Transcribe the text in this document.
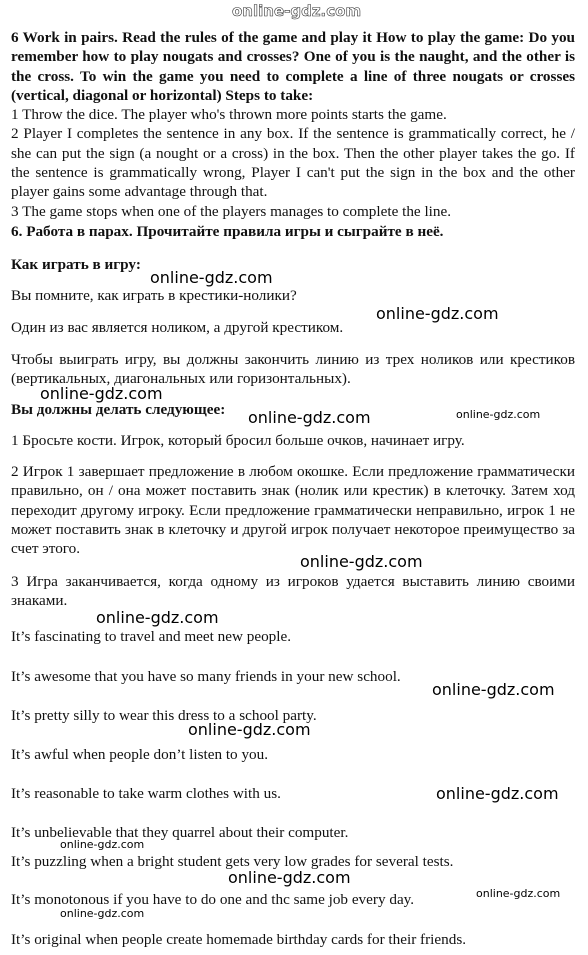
online-gdz.com

6 Work in pairs. Read the rules of the game and play it How to play the game: Do you remember how to play nougats and crosses? One of you is the naught, and the other is the cross. To win the game you need to complete a line of three nougats or crosses (vertical, diagonal or horizontal) Steps to take:

1 Throw the dice. The player who's thrown more points starts the game.

2 Player I completes the sentence in any box. If the sentence is grammatically correct, he / she can put the sign (a nought or a cross) in the box. Then the other player takes the go. If the sentence is grammatically wrong, Player I can't put the sign in the box and the other player gains some advantage through that.

3 The game stops when one of the players manages to complete the line.

6. Работа в парах. Прочитайте правила игры и сыграйте в неё.

Как играть в игру:

Вы помните, как играть в крестики-нолики?

Один из вас является ноликом, а другой крестиком.

Чтобы выиграть игру, вы должны закончить линию из трех ноликов или крестиков (вертикальных, диагональных или горизонтальных).

Вы должны делать следующее:

1 Бросьте кости. Игрок, который бросил больше очков, начинает игру.

2 Игрок 1 завершает предложение в любом окошке. Если предложение грамматически правильно, он / она может поставить знак (нолик или крестик) в клеточку. Затем ход переходит другому игроку. Если предложение грамматически неправильно, игрок 1 не может поставить знак в клеточку и другой игрок получает некоторое преимущество за счет этого.

3 Игра заканчивается, когда одному из игроков удается выставить линию своими знаками.

It’s fascinating to travel and meet new people.

It’s awesome that you have so many friends in your new school.

It’s pretty silly to wear this dress to a school party.

It’s awful when people don’t listen to you.

It’s reasonable to take warm clothes with us.

It’s unbelievable that they quarrel about their computer.

It’s puzzling when a bright student gets very low grades for several tests.

It’s monotonous if you have to do one and thc same job every day.

It’s original when people create homemade birthday cards for their friends.

online-gdz.com
online-gdz.com
online-gdz.com
online-gdz.com	online-gdz.com
online-gdz.com
online-gdz.com
online-gdz.com
online-gdz.com
online-gdz.com
online-gdz.com
online-gdz.com
online-gdz.com
online-gdz.com
